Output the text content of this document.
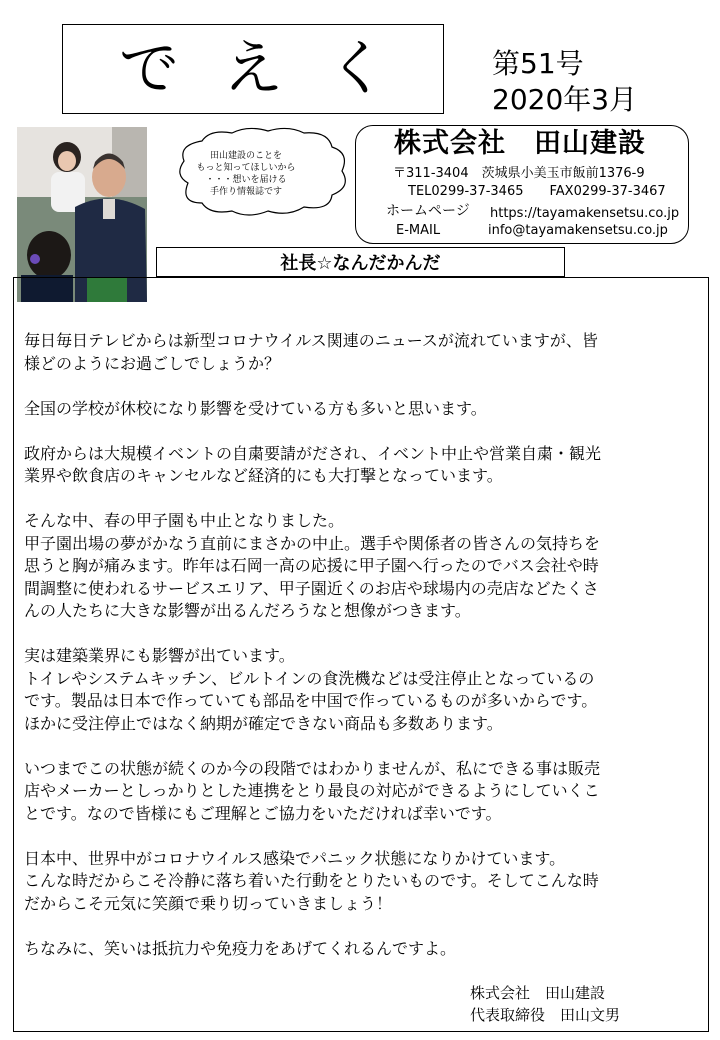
でえく 第51号
2020年3月
田山建設のことを
もっと知ってほしいから
・・・想いを届ける
手作り情報誌です
株式会社　田山建設
〒311-3404　茨城県小美玉市飯前1376-9
TEL0299-37-3465　　FAX0299-37-3467
ホームページ https://tayamakensetsu.co.jp
E-MAIL	info@tayamakensetsu.co.jp
社長☆なんだかんだ

毎日毎日テレビからは新型コロナウイルス関連のニュースが流れていますが、皆
様どのようにお過ごしでしょうか？

全国の学校が休校になり影響を受けている方も多いと思います。

政府からは大規模イベントの自粛要請がだされ、イベント中止や営業自粛・観光
業界や飲食店のキャンセルなど経済的にも大打撃となっています。

そんな中、春の甲子園も中止となりました。
甲子園出場の夢がかなう直前にまさかの中止。選手や関係者の皆さんの気持ちを
思うと胸が痛みます。昨年は石岡一高の応援に甲子園へ行ったのでバス会社や時
間調整に使われるサービスエリア、甲子園近くのお店や球場内の売店などたくさ
んの人たちに大きな影響が出るんだろうなと想像がつきます。

実は建築業界にも影響が出ています。
トイレやシステムキッチン、ビルトインの食洗機などは受注停止となっているの
です。製品は日本で作っていても部品を中国で作っているものが多いからです。
ほかに受注停止ではなく納期が確定できない商品も多数あります。

いつまでこの状態が続くのか今の段階ではわかりませんが、私にできる事は販売
店やメーカーとしっかりとした連携をとり最良の対応ができるようにしていくこ
とです。なので皆様にもご理解とご協力をいただければ幸いです。

日本中、世界中がコロナウイルス感染でパニック状態になりかけています。
こんな時だからこそ冷静に落ち着いた行動をとりたいものです。そしてこんな時
だからこそ元気に笑顔で乗り切っていきましょう！

ちなみに、笑いは抵抗力や免疫力をあげてくれるんですよ。

株式会社　田山建設
代表取締役　田山文男
